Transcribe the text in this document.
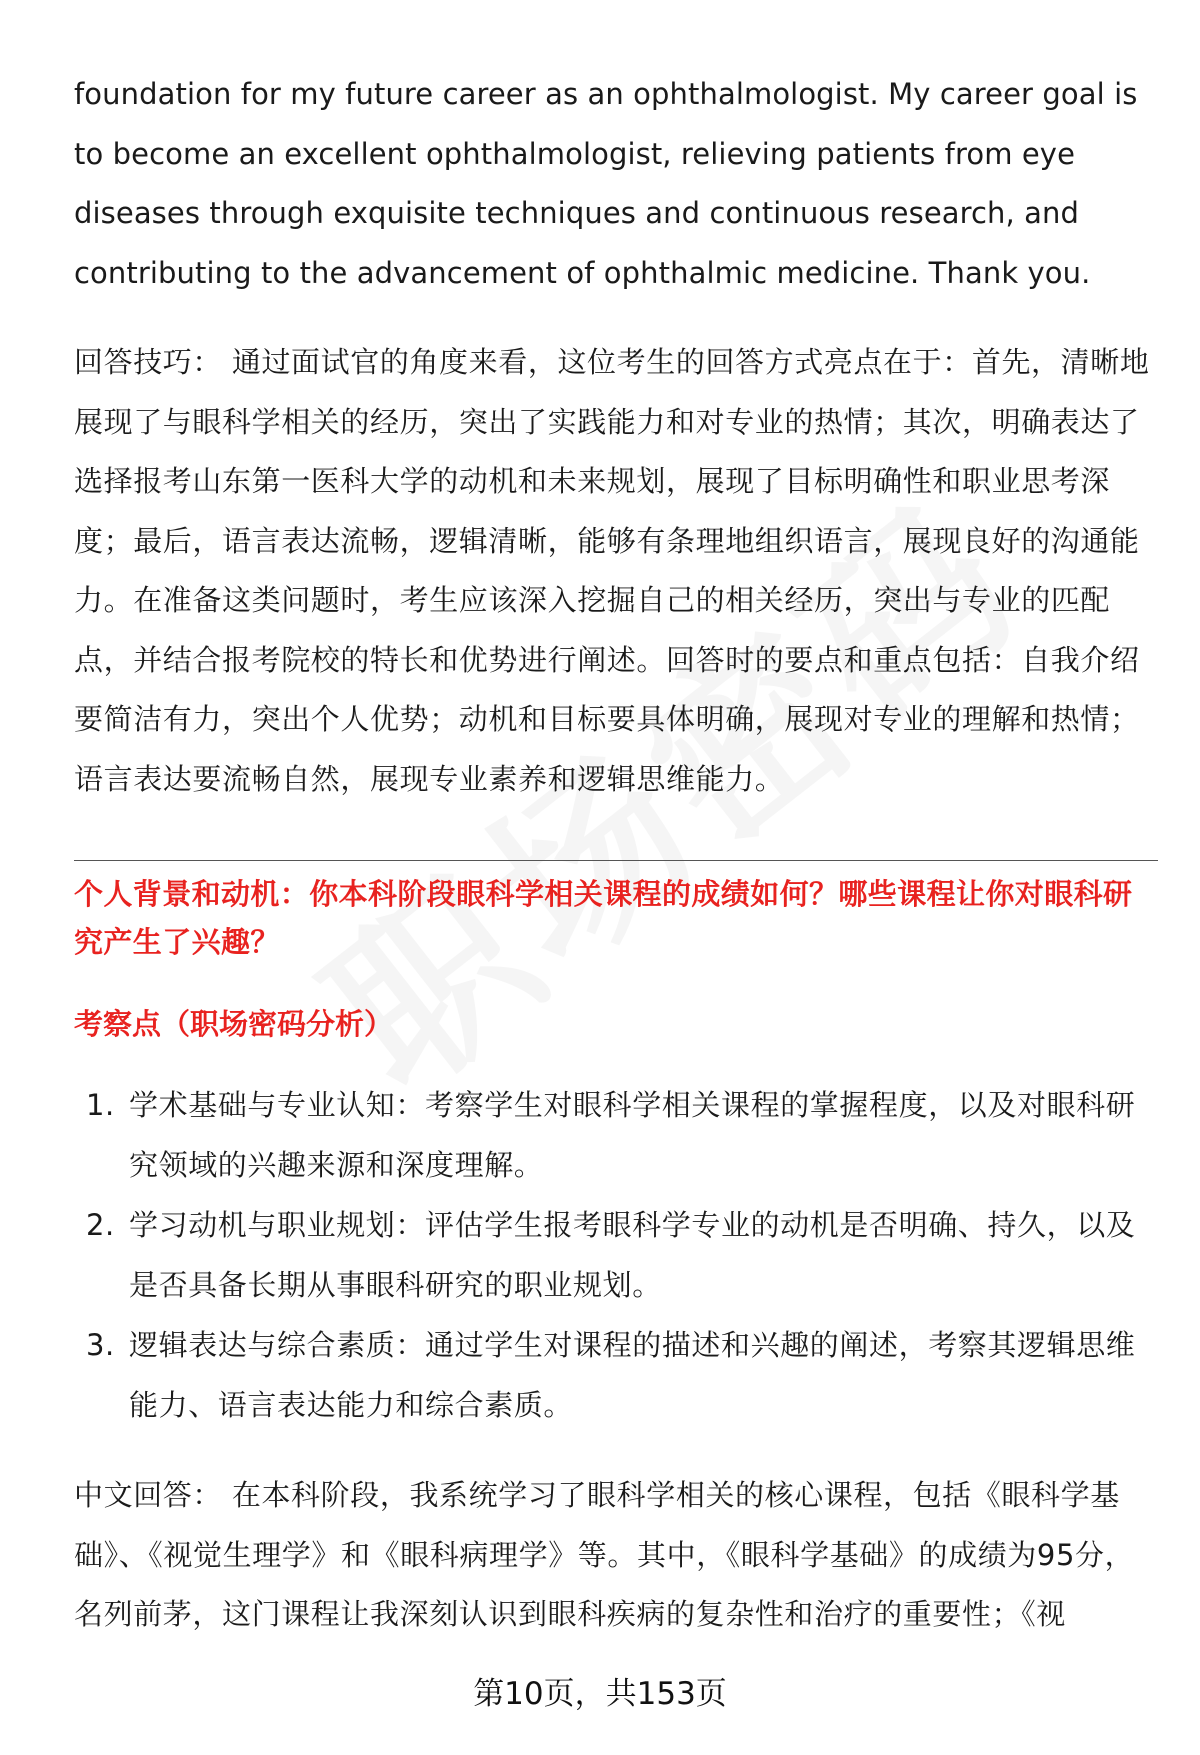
foundation for my future career as an ophthalmologist. My career goal is to become an excellent ophthalmologist, relieving patients from eye diseases through exquisite techniques and continuous research, and contributing to the advancement of ophthalmic medicine. Thank you.

回答技巧： 通过面试官的角度来看，这位考生的回答方式亮点在于：首先，清晰地展现了与眼科学相关的经历，突出了实践能力和对专业的热情；其次，明确表达了选择报考山东第一医科大学的动机和未来规划，展现了目标明确性和职业思考深度；最后，语言表达流畅，逻辑清晰，能够有条理地组织语言，展现良好的沟通能力。在准备这类问题时，考生应该深入挖掘自己的相关经历，突出与专业的匹配点，并结合报考院校的特长和优势进行阐述。回答时的要点和重点包括：自我介绍要简洁有力，突出个人优势；动机和目标要具体明确，展现对专业的理解和热情；语言表达要流畅自然，展现专业素养和逻辑思维能力。

个人背景和动机：你本科阶段眼科学相关课程的成绩如何？哪些课程让你对眼科研究产生了兴趣？

考察点（职场密码分析）

1. 学术基础与专业认知：考察学生对眼科学相关课程的掌握程度，以及对眼科研究领域的兴趣来源和深度理解。
2. 学习动机与职业规划：评估学生报考眼科学专业的动机是否明确、持久，以及是否具备长期从事眼科研究的职业规划。
3. 逻辑表达与综合素质：通过学生对课程的描述和兴趣的阐述，考察其逻辑思维能力、语言表达能力和综合素质。

中文回答： 在本科阶段，我系统学习了眼科学相关的核心课程，包括《眼科学基础》、《视觉生理学》和《眼科病理学》等。其中，《眼科学基础》的成绩为95分，名列前茅，这门课程让我深刻认识到眼科疾病的复杂性和治疗的重要性；《视

第10页，共153页
